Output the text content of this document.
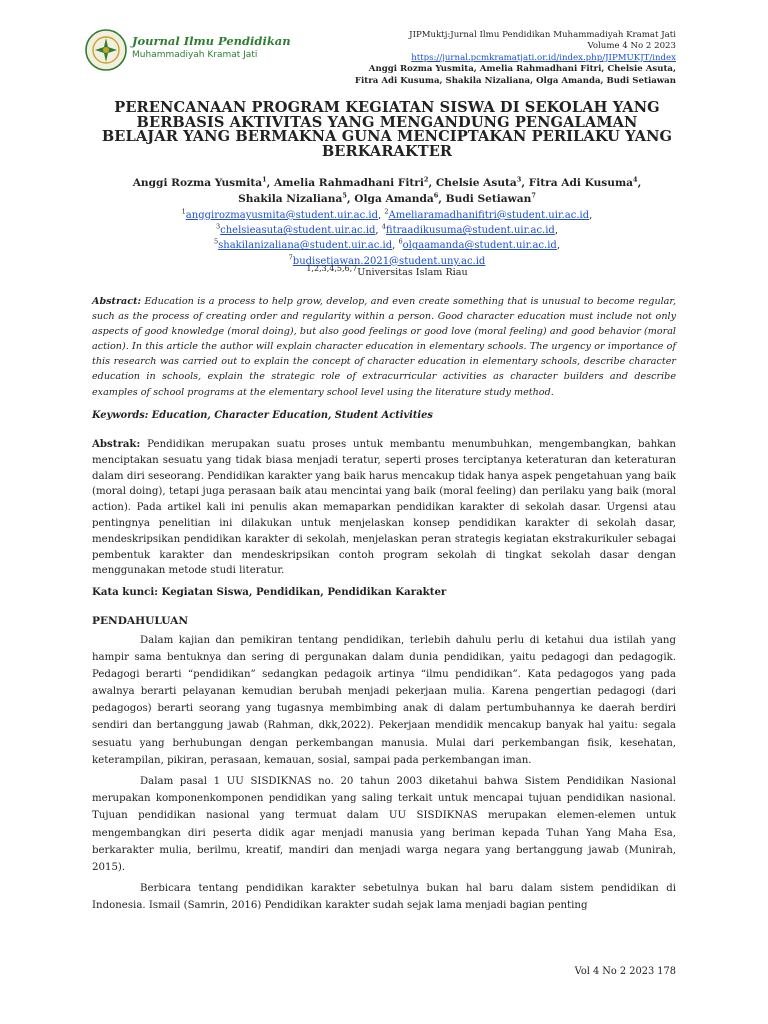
Journal Ilmu Pendidikan
Muhammadiyah Kramat Jati
JIPMuktj:Jurnal Ilmu Pendidikan Muhammadiyah Kramat Jati
Volume 4 No 2 2023
https://jurnal.pcmkramatjati.or.id/index.php/JIPMUKJT/index
Anggi Rozma Yusmita, Amelia Rahmadhani Fitri, Chelsie Asuta,
Fitra Adi Kusuma, Shakila Nizaliana, Olga Amanda, Budi Setiawan
PERENCANAAN PROGRAM KEGIATAN SISWA DI SEKOLAH YANG BERBASIS AKTIVITAS YANG MENGANDUNG PENGALAMAN BELAJAR YANG BERMAKNA GUNA MENCIPTAKAN PERILAKU YANG BERKARAKTER
Anggi Rozma Yusmita$^1$, Amelia Rahmadhani Fitri$^2$, Chelsie Asuta$^3$, Fitra Adi Kusuma$^4$,
Shakila Nizaliana$^5$, Olga Amanda$^6$, Budi Setiawan$^7$
$^1$anggirozmayusmita@student.uir.ac.id, $^2$Ameliaramadhanifitri@student.uir.ac.id,
$^3$chelsieasuta@student.uir.ac.id, $^4$fitraadikusuma@student.uir.ac.id,
$^5$shakilanizaliana@student.uir.ac.id, $^6$olgaamanda@student.uir.ac.id,
$^7$budisetiawan.2021@student.uny.ac.id
$^{1,2,3,4,5,6,7}$Universitas Islam Riau
Abstract: Education is a process to help grow, develop, and even create something that is unusual to become regular, such as the process of creating order and regularity within a person. Good character education must include not only aspects of good knowledge (moral doing), but also good feelings or good love (moral feeling) and good behavior (moral action). In this article the author will explain character education in elementary schools. The urgency or importance of this research was carried out to explain the concept of character education in elementary schools, describe character education in schools, explain the strategic role of extracurricular activities as character builders and describe examples of school programs at the elementary school level using the literature study method.
Keywords: Education, Character Education, Student Activities
Abstrak: Pendidikan merupakan suatu proses untuk membantu menumbuhkan, mengembangkan, bahkan menciptakan sesuatu yang tidak biasa menjadi teratur, seperti proses terciptanya keteraturan dan keteraturan dalam diri seseorang. Pendidikan karakter yang baik harus mencakup tidak hanya aspek pengetahuan yang baik (moral doing), tetapi juga perasaan baik atau mencintai yang baik (moral feeling) dan perilaku yang baik (moral action). Pada artikel kali ini penulis akan memaparkan pendidikan karakter di sekolah dasar. Urgensi atau pentingnya penelitian ini dilakukan untuk menjelaskan konsep pendidikan karakter di sekolah dasar, mendeskripsikan pendidikan karakter di sekolah, menjelaskan peran strategis kegiatan ekstrakurikuler sebagai pembentuk karakter dan mendeskripsikan contoh program sekolah di tingkat sekolah dasar dengan menggunakan metode studi literatur.
Kata kunci: Kegiatan Siswa, Pendidikan, Pendidikan Karakter
PENDAHULUAN

Dalam kajian dan pemikiran tentang pendidikan, terlebih dahulu perlu di ketahui dua istilah yang hampir sama bentuknya dan sering di pergunakan dalam dunia pendidikan, yaitu pedagogi dan pedagogik. Pedagogi berarti “pendidikan” sedangkan pedagoik artinya “ilmu pendidikan”. Kata pedagogos yang pada awalnya berarti pelayanan kemudian berubah menjadi pekerjaan mulia. Karena pengertian pedagogi (dari pedagogos) berarti seorang yang tugasnya membimbing anak di dalam pertumbuhannya ke daerah berdiri sendiri dan bertanggung jawab (Rahman, dkk,2022). Pekerjaan mendidik mencakup banyak hal yaitu: segala sesuatu yang berhubungan dengan perkembangan manusia. Mulai dari perkembangan fisik, kesehatan, keterampilan, pikiran, perasaan, kemauan, sosial, sampai pada perkembangan iman.

Dalam pasal 1 UU SISDIKNAS no. 20 tahun 2003 diketahui bahwa Sistem Pendidikan Nasional merupakan komponenkomponen pendidikan yang saling terkait untuk mencapai tujuan pendidikan nasional. Tujuan pendidikan nasional yang termuat dalam UU SISDIKNAS merupakan elemen-elemen untuk mengembangkan diri peserta didik agar menjadi manusia yang beriman kepada Tuhan Yang Maha Esa, berkarakter mulia, berilmu, kreatif, mandiri dan menjadi warga negara yang bertanggung jawab (Munirah, 2015).

Berbicara tentang pendidikan karakter sebetulnya bukan hal baru dalam sistem pendidikan di Indonesia. Ismail (Samrin, 2016) Pendidikan karakter sudah sejak lama menjadi bagian penting

Vol 4 No 2 2023 178
